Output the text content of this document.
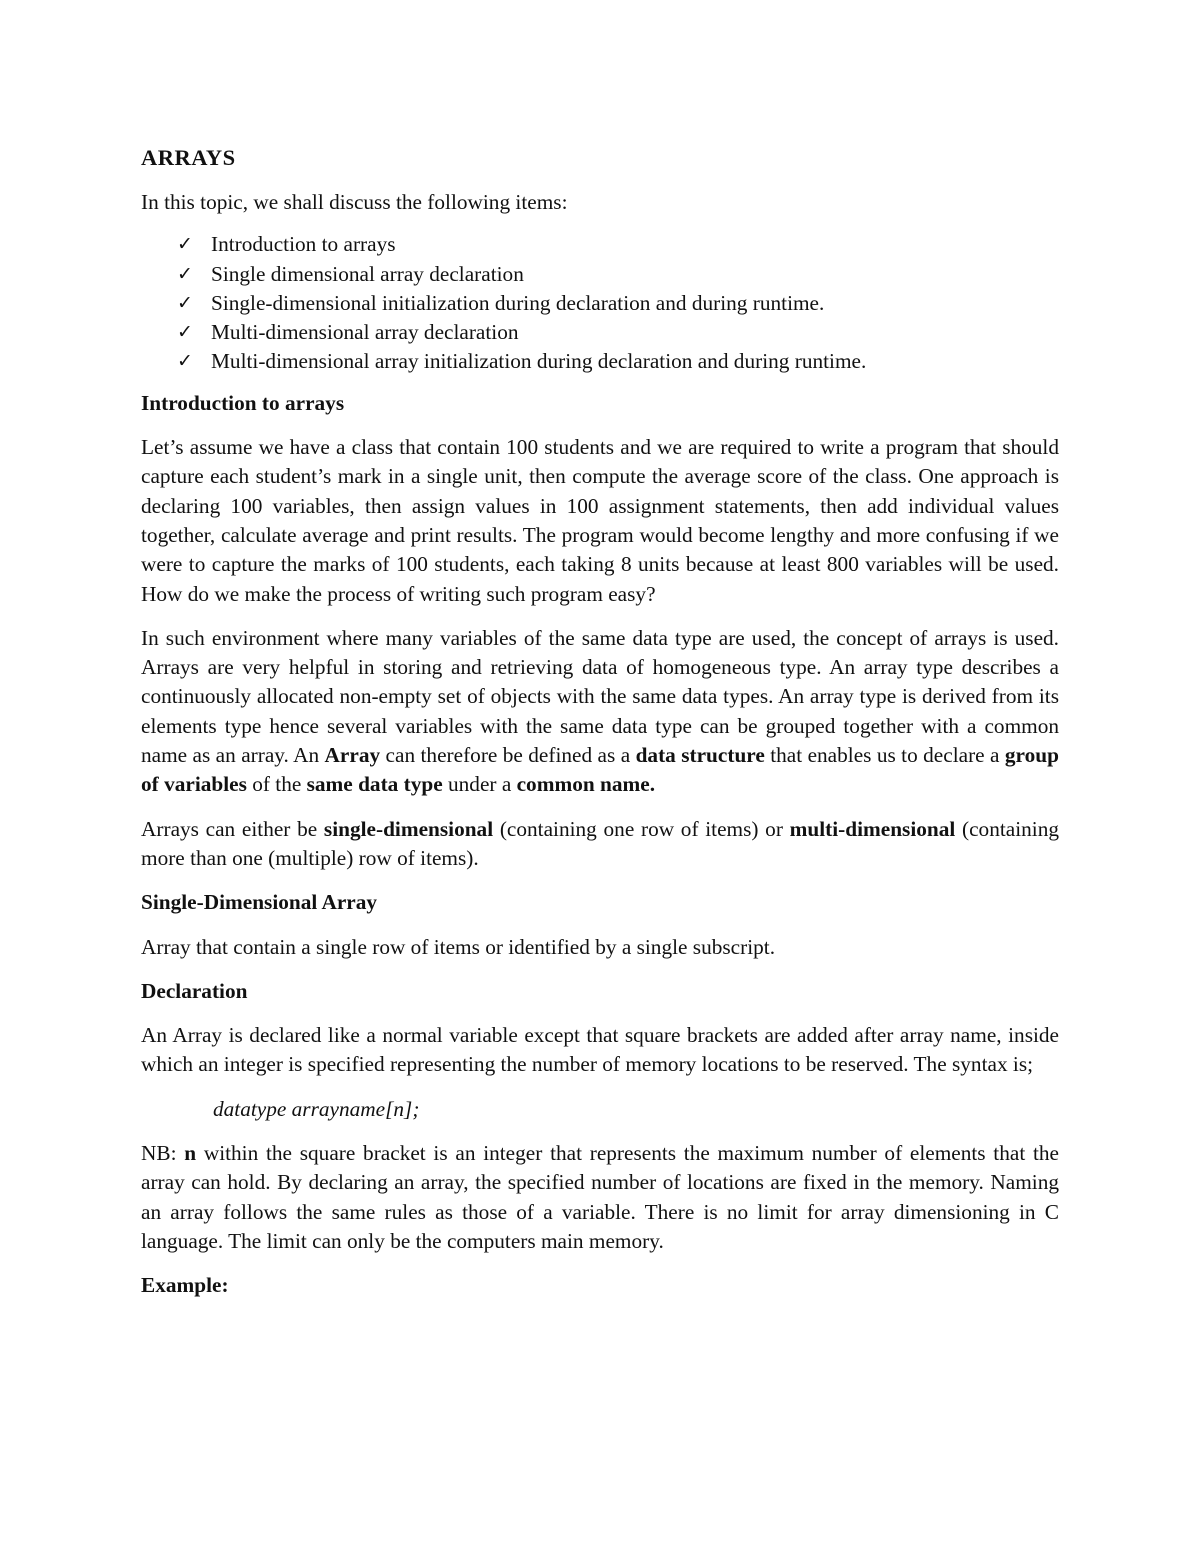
ARRAYS

In this topic, we shall discuss the following items:

✓ Introduction to arrays
✓ Single dimensional array declaration
✓ Single-dimensional initialization during declaration and during runtime.
✓ Multi-dimensional array declaration
✓ Multi-dimensional array initialization during declaration and during runtime.
Introduction to arrays

Let’s assume we have a class that contain 100 students and we are required to write a program that should capture each student’s mark in a single unit, then compute the average score of the class. One approach is declaring 100 variables, then assign values in 100 assignment statements, then add individual values together, calculate average and print results. The program would become lengthy and more confusing if we were to capture the marks of 100 students, each taking 8 units because at least 800 variables will be used. How do we make the process of writing such program easy?

In such environment where many variables of the same data type are used, the concept of arrays is used. Arrays are very helpful in storing and retrieving data of homogeneous type. An array type describes a continuously allocated non-empty set of objects with the same data types. An array type is derived from its elements type hence several variables with the same data type can be grouped together with a common name as an array. An Array can therefore be defined as a data structure that enables us to declare a group of variables of the same data type under a common name.

Arrays can either be single-dimensional (containing one row of items) or multi-dimensional (containing more than one (multiple) row of items).

Single-Dimensional Array

Array that contain a single row of items or identified by a single subscript.

Declaration

An Array is declared like a normal variable except that square brackets are added after array name, inside which an integer is specified representing the number of memory locations to be reserved. The syntax is;

datatype arrayname[n];

NB: n within the square bracket is an integer that represents the maximum number of elements that the array can hold. By declaring an array, the specified number of locations are fixed in the memory. Naming an array follows the same rules as those of a variable. There is no limit for array dimensioning in C language. The limit can only be the computers main memory.

Example:
